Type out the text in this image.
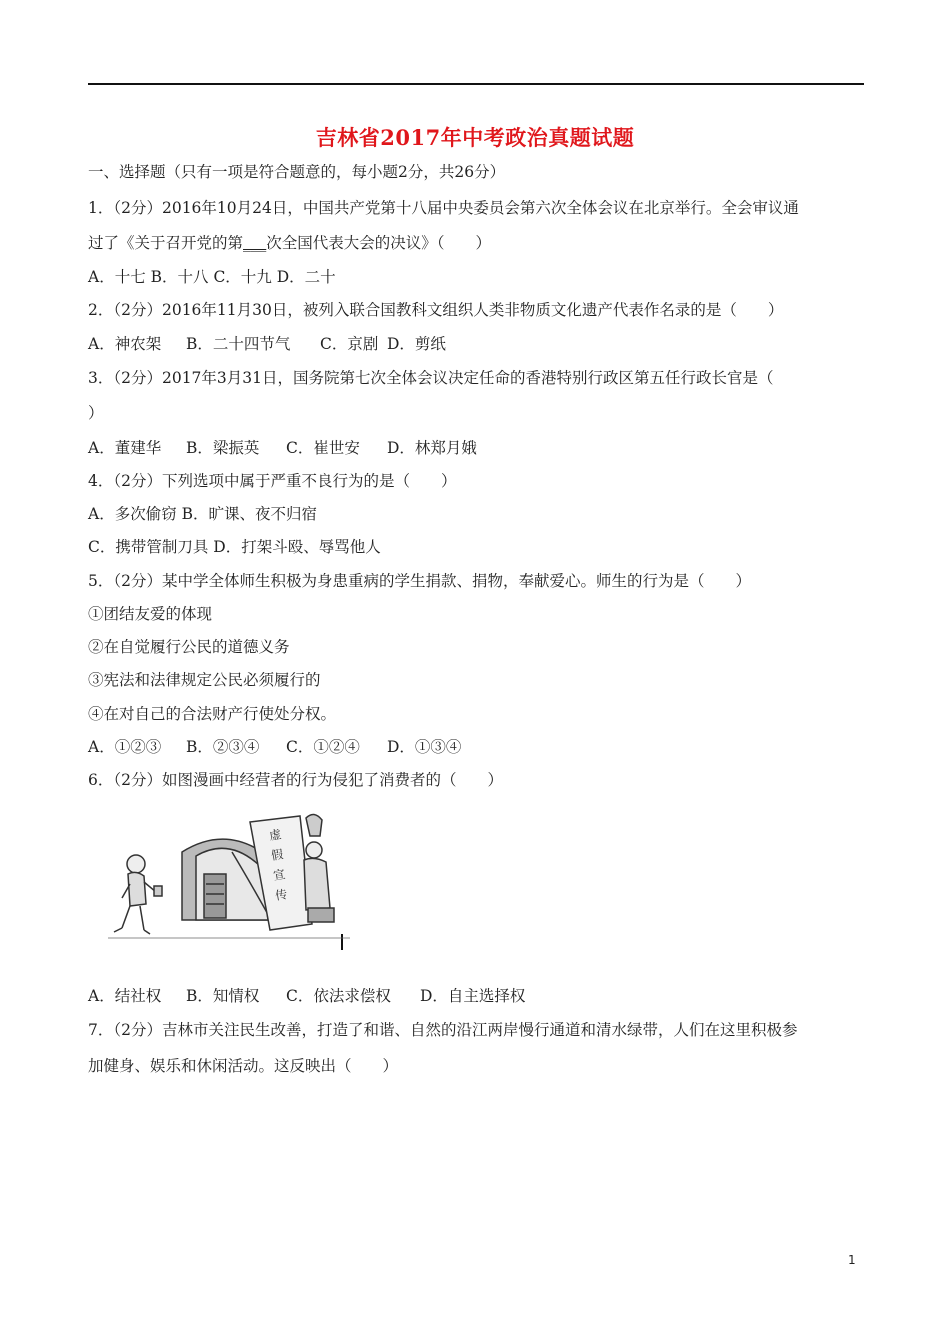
吉林省2017年中考政治真题试题
一、选择题（只有一项是符合题意的，每小题2分，共26分）
1．（2分）2016年10月24日，中国共产党第十八届中央委员会第六次全体会议在北京举行。全会审议通
过了《关于召开党的第___次全国代表大会的决议》（　　）
A．十七 B．十八 C．十九 D．二十
2．（2分）2016年11月30日，被列入联合国教科文组织人类非物质文化遗产代表作名录的是（　　）
A．神农架 B．二十四节气 C．京剧 D．剪纸
3．（2分）2017年3月31日，国务院第七次全体会议决定任命的香港特别行政区第五任行政长官是（
）
A．董建华 B．梁振英 C．崔世安 D．林郑月娥
4．（2分）下列选项中属于严重不良行为的是（　　）
A．多次偷窃 B．旷课、夜不归宿
C．携带管制刀具 D．打架斗殴、辱骂他人
5．（2分）某中学全体师生积极为身患重病的学生捐款、捐物，奉献爱心。师生的行为是（　　）
①团结友爱的体现
②在自觉履行公民的道德义务
③宪法和法律规定公民必须履行的
④在对自己的合法财产行使处分权。
A．①②③ B．②③④ C．①②④ D．①③④
6．（2分）如图漫画中经营者的行为侵犯了消费者的（　　）
虚
假
宣
传
A．结社权 B．知情权 C．依法求偿权 D．自主选择权
7．（2分）吉林市关注民生改善，打造了和谐、自然的沿江两岸慢行通道和清水绿带，人们在这里积极参
加健身、娱乐和休闲活动。这反映出（　　）
1
